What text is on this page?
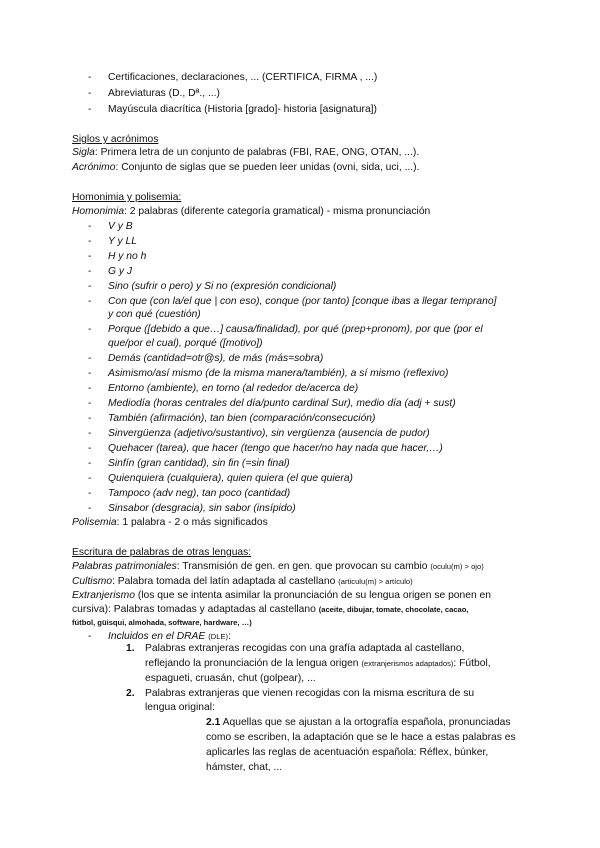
- Certificaciones, declaraciones, ... (CERTIFICA, FIRMA , ...)
- Abreviaturas (D., Dª., ...)
- Mayúscula diacrítica (Historia [grado]- historia [asignatura])
Siglos y acrónimos
Sigla: Primera letra de un conjunto de palabras (FBI, RAE, ONG, OTAN, ...).
Acrónimo: Conjunto de siglas que se pueden leer unidas (ovni, sida, uci, ...).
Homonimia y polisemia:
Homonimia: 2 palabras (diferente categoría gramatical) - misma pronunciación
- V y B
- Y y LL
- H y no h
- G y J
- Sino (sufrir o pero) y Si no (expresión condicional)
- Con que (con la/el que | con eso), conque (por tanto) [conque ibas a llegar temprano]
y con qué (cuestión)
- Porque ([debido a que…] causa/finalidad), por qué (prep+pronom), por que (por el
que/por el cual), porqué ([motivo])
- Demás (cantidad=otr@s), de más (más=sobra)
- Asimismo/así mismo (de la misma manera/también), a sí mismo (reflexivo)
- Entorno (ambiente), en torno (al rededor de/acerca de)
- Mediodía (horas centrales del día/punto cardinal Sur), medio día (adj + sust)
- También (afirmación), tan bien (comparación/consecución)
- Sinvergüenza (adjetivo/sustantivo), sin vergüenza (ausencia de pudor)
- Quehacer (tarea), que hacer (tengo que hacer/no hay nada que hacer,…)
- Sinfín (gran cantidad), sin fin (=sin final)
- Quienquiera (cualquiera), quien quiera (el que quiera)
- Tampoco (adv neg), tan poco (cantidad)
- Sinsabor (desgracia), sin sabor (insípido)
Polisemia: 1 palabra - 2 o más significados
Escritura de palabras de otras lenguas:
Palabras patrimoniales: Transmisión de gen. en gen. que provocan su cambio (oculu(m) > ojo)
Cultismo: Palabra tomada del latín adaptada al castellano (articulu(m) > artículo)
Extranjerismo (los que se intenta asimilar la pronunciación de su lengua origen se ponen en
cursiva): Palabras tomadas y adaptadas al castellano (aceite, dibujar, tomate, chocolate, cacao,
fútbol, güisqui, almohada, software, hardware, …)
- Incluidos en el DRAE (DLE):
1. Palabras extranjeras recogidas con una grafía adaptada al castellano,
reflejando la pronunciación de la lengua origen (extranjerismos adaptados): Fútbol,
espagueti, cruasán, chut (golpear), ...
2. Palabras extranjeras que vienen recogidas con la misma escritura de su
lengua original:
2.1 Aquellas que se ajustan a la ortografía española, pronunciadas
como se escriben, la adaptación que se le hace a estas palabras es
aplicarles las reglas de acentuación española: Réflex, búnker,
hámster, chat, ...
